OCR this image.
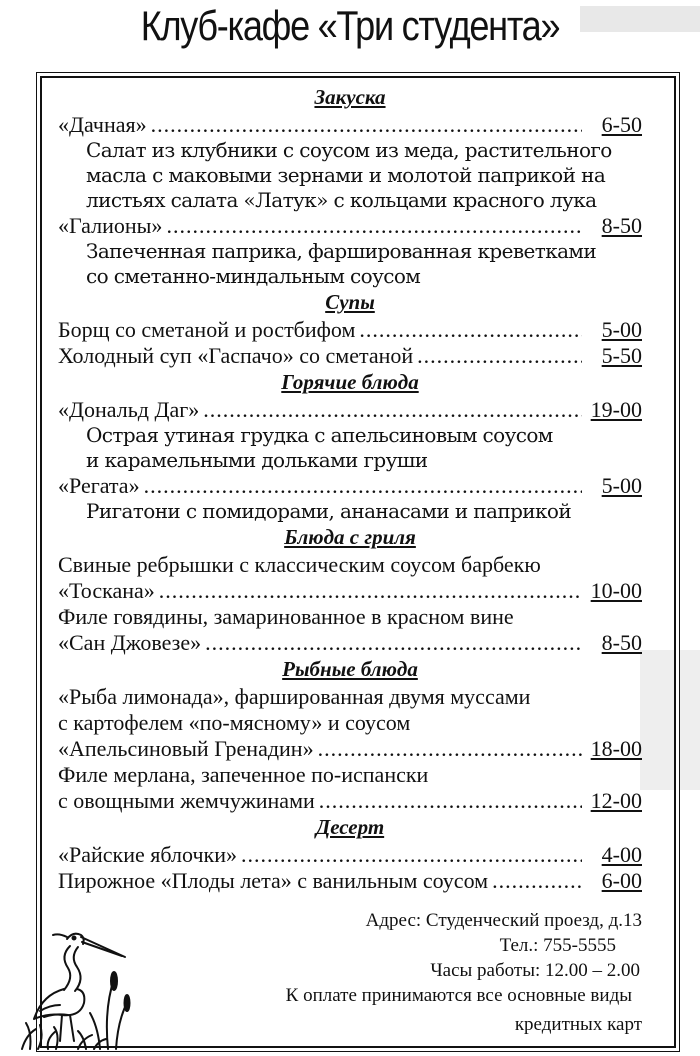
Клуб-кафе «Три студента»
Закуска
«Дачная» .....	6-50
Салат из клубники с соусом из меда, растительного
масла с маковыми зернами и молотой паприкой на
листьях салата «Латук» с кольцами красного лука
«Галионы» .....	8-50
Запеченная паприка, фаршированная креветками
со сметанно-миндальным соусом
Супы
Борщ со сметаной и ростбифом .....	5-00
Холодный суп «Гаспачо» со сметаной .....	5-50
Горячие блюда
«Дональд Даг» .....	19-00
Острая утиная грудка с апельсиновым соусом
и карамельными дольками груши
«Регата» .....	5-00
Ригатони с помидорами, ананасами и паприкой
Блюда с гриля
Свиные ребрышки с классическим соусом барбекю
«Тоскана» .....	10-00
Филе говядины, замаринованное в красном вине
«Сан Джовезе» .....	8-50
Рыбные блюда
«Рыба лимонада», фаршированная двумя муссами
с картофелем «по-мясному» и соусом
«Апельсиновый Гренадин» .....	18-00
Филе мерлана, запеченное по-испански
с овощными жемчужинами .....	12-00
Десерт
«Райские яблочки» .....	4-00
Пирожное «Плоды лета» с ванильным соусом .....	6-00
Адрес: Студенческий проезд, д.13
Тел.: 755-5555
Часы работы: 12.00 – 2.00
К оплате принимаются все основные виды
кредитных карт
